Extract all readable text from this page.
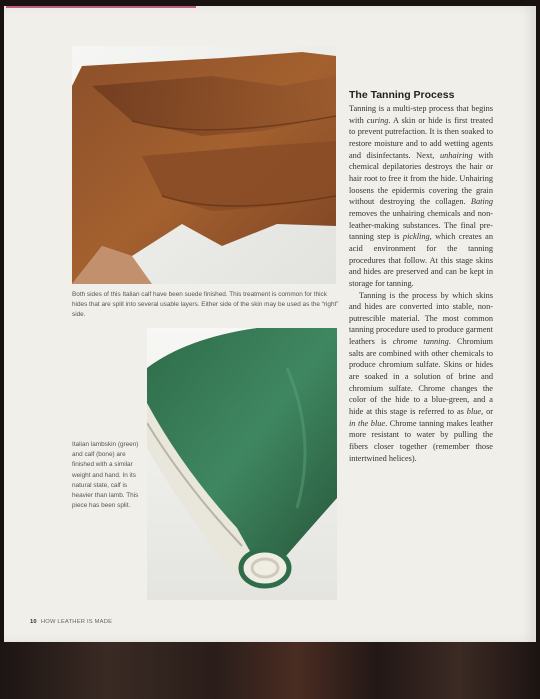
Both sides of this Italian calf have been suede finished. This treatment is common for thick hides that are split into several usable layers. Either side of the skin may be used as the “right” side.
Italian lambskin (green) and calf (bone) are finished with a similar weight and hand. In its natural state, calf is heavier than lamb. This piece has been split.
The Tanning Process

Tanning is a multi-step process that begins with curing. A skin or hide is first treated to prevent putrefaction. It is then soaked to restore moisture and to add wetting agents and disinfectants. Next, unhairing with chemical depilatories destroys the hair or hair root to free it from the hide. Unhairing loosens the epidermis covering the grain without destroying the collagen. Bating removes the unhairing chemicals and non-leather-making substances. The final pre-tanning step is pickling, which creates an acid environment for the tanning procedures that follow. At this stage skins and hides are preserved and can be kept in storage for tanning.

Tanning is the process by which skins and hides are converted into stable, non-putrescible material. The most common tanning procedure used to produce garment leathers is chrome tanning. Chromium salts are combined with other chemicals to produce chromium sulfate. Skins or hides are soaked in a solution of brine and chromium sulfate. Chrome changes the color of the hide to a blue-green, and a hide at this stage is referred to as blue, or in the blue. Chrome tanning makes leather more resistant to water by pulling the fibers closer together (remember those intertwined helices).

10 HOW LEATHER IS MADE
